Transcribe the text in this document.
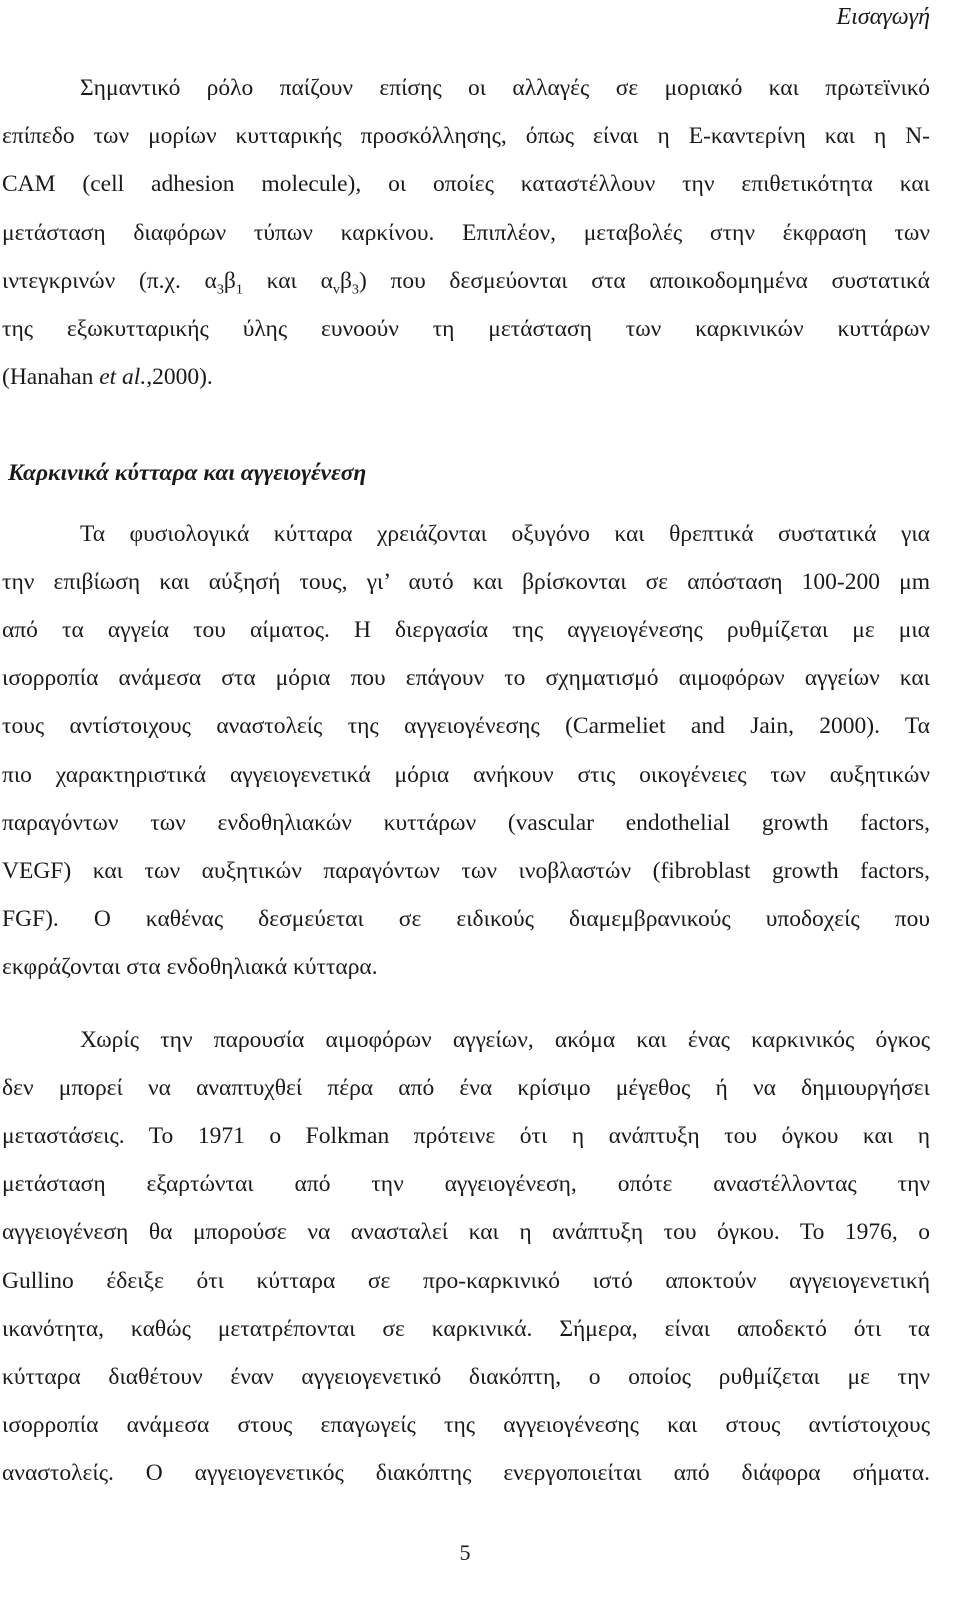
Εισαγωγή
Σημαντικό ρόλο παίζουν επίσης οι αλλαγές σε μοριακό και πρωτεϊνικό
επίπεδο των μορίων κυτταρικής προσκόλλησης, όπως είναι η Ε-καντερίνη και η N-
CAM (cell adhesion molecule), οι οποίες καταστέλλουν την επιθετικότητα και
μετάσταση διαφόρων τύπων καρκίνου. Επιπλέον, μεταβολές στην έκφραση των
ιντεγκρινών (π.χ. $\alpha_3\beta_1$ και $\alpha_v\beta_3$) που δεσμεύονται στα αποικοδομημένα συστατικά
της εξωκυτταρικής ύλης ευνοούν τη μετάσταση των καρκινικών κυττάρων
(Hanahan et al.,2000).
Καρκινικά κύτταρα και αγγειογένεση
Τα φυσιολογικά κύτταρα χρειάζονται οξυγόνο και θρεπτικά συστατικά για
την επιβίωση και αύξησή τους, γι’ αυτό και βρίσκονται σε απόσταση 100-200 μm
από τα αγγεία του αίματος. Η διεργασία της αγγειογένεσης ρυθμίζεται με μια
ισορροπία ανάμεσα στα μόρια που επάγουν το σχηματισμό αιμοφόρων αγγείων και
τους αντίστοιχους αναστολείς της αγγειογένεσης (Carmeliet and Jain, 2000). Τα
πιο χαρακτηριστικά αγγειογενετικά μόρια ανήκουν στις οικογένειες των αυξητικών
παραγόντων των ενδοθηλιακών κυττάρων (vascular endothelial growth factors,
VEGF) και των αυξητικών παραγόντων των ινοβλαστών (fibroblast growth factors,
FGF). Ο καθένας δεσμεύεται σε ειδικούς διαμεμβρανικούς υποδοχείς που
εκφράζονται στα ενδοθηλιακά κύτταρα.
Χωρίς την παρουσία αιμοφόρων αγγείων, ακόμα και ένας καρκινικός όγκος
δεν μπορεί να αναπτυχθεί πέρα από ένα κρίσιμο μέγεθος ή να δημιουργήσει
μεταστάσεις. Το 1971 ο Folkman πρότεινε ότι η ανάπτυξη του όγκου και η
μετάσταση εξαρτώνται από την αγγειογένεση, οπότε αναστέλλοντας την
αγγειογένεση θα μπορούσε να ανασταλεί και η ανάπτυξη του όγκου. Το 1976, ο
Gullino έδειξε ότι κύτταρα σε προ-καρκινικό ιστό αποκτούν αγγειογενετική
ικανότητα, καθώς μετατρέπονται σε καρκινικά. Σήμερα, είναι αποδεκτό ότι τα
κύτταρα διαθέτουν έναν αγγειογενετικό διακόπτη, ο οποίος ρυθμίζεται με την
ισορροπία ανάμεσα στους επαγωγείς της αγγειογένεσης και στους αντίστοιχους
αναστολείς. Ο αγγειογενετικός διακόπτης ενεργοποιείται από διάφορα σήματα.
5
